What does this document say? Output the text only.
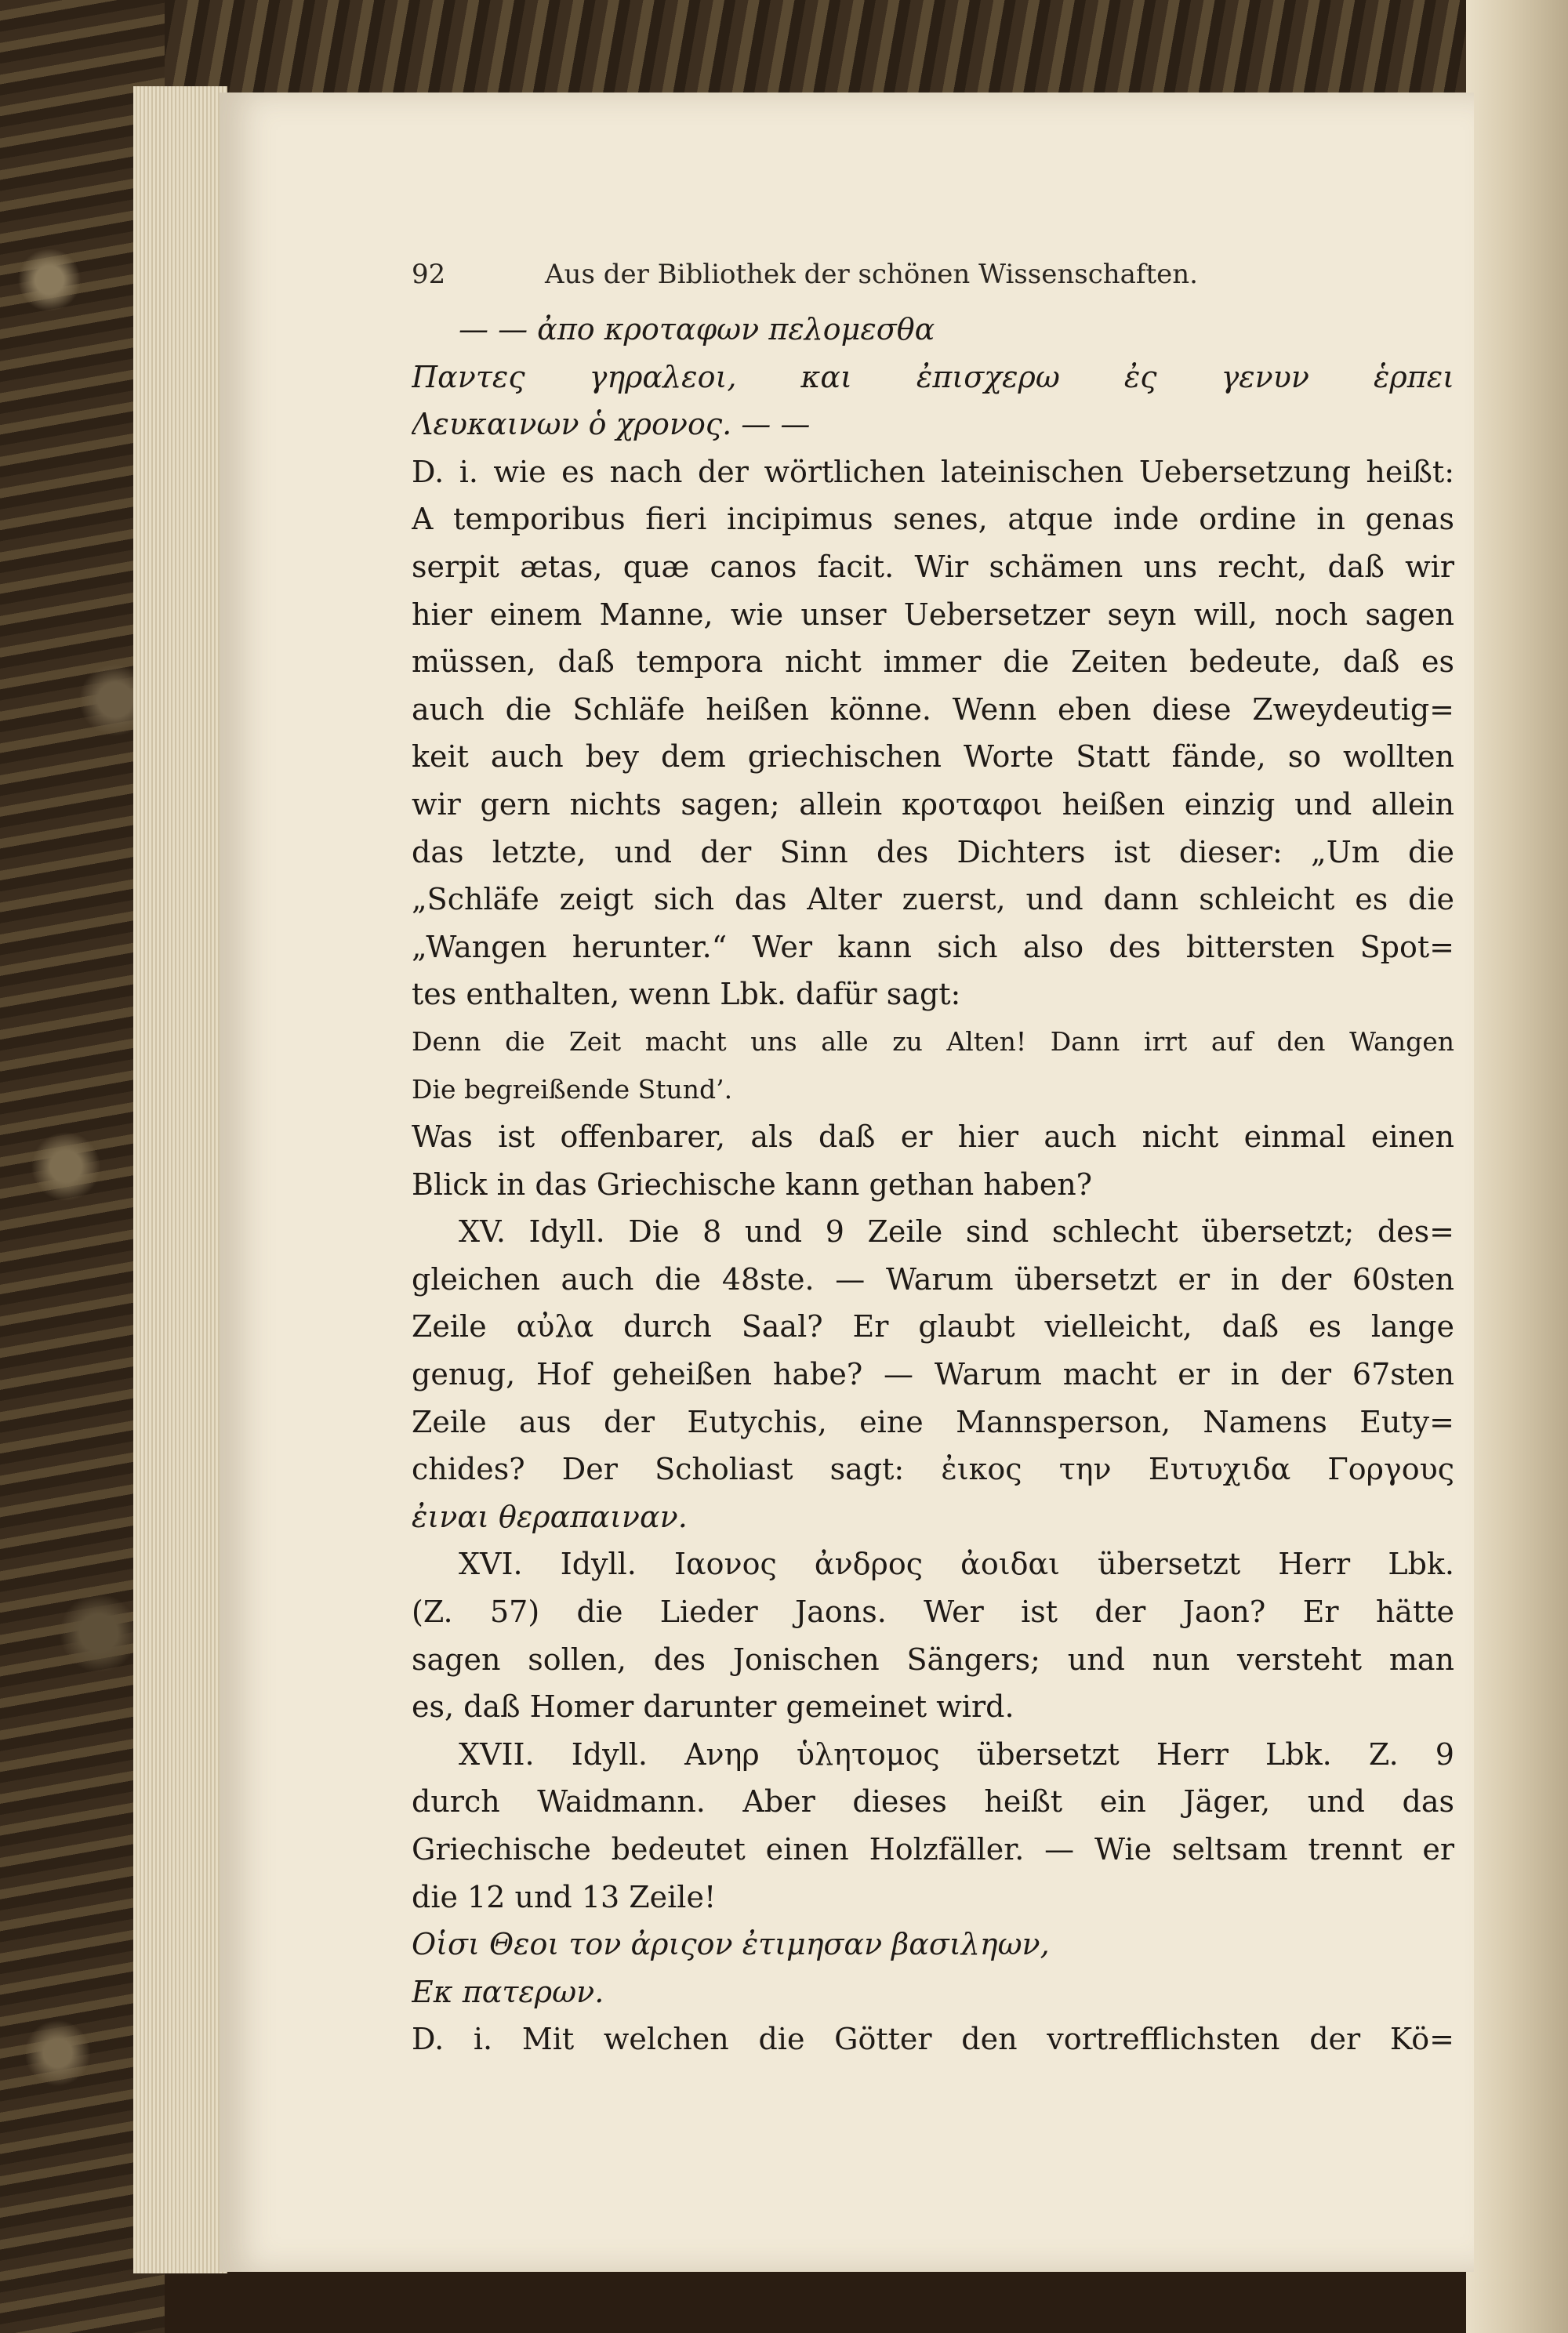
92	Aus der Bibliothek der schönen Wissenschaften.
— — ἀπο κροταφων πελομεσθα
Παντες γηραλεοι, και ἐπισχερω ἐς γενυν ἑρπει
Λευκαινων ὁ χρονος. — —
D. i. wie es nach der wörtlichen lateinischen Uebersetzung heißt:
A temporibus fieri incipimus senes, atque inde ordine in genas
serpit ætas, quæ canos facit. Wir schämen uns recht, daß wir
hier einem Manne, wie unser Uebersetzer seyn will, noch sagen
müssen, daß tempora nicht immer die Zeiten bedeute, daß es
auch die Schläfe heißen könne. Wenn eben diese Zweydeutig=
keit auch bey dem griechischen Worte Statt fände, so wollten
wir gern nichts sagen; allein κροταφοι heißen einzig und allein
das letzte, und der Sinn des Dichters ist dieser: „Um die
„Schläfe zeigt sich das Alter zuerst, und dann schleicht es die
„Wangen herunter.“ Wer kann sich also des bittersten Spot=
tes enthalten, wenn Lbk. dafür sagt:
Denn die Zeit macht uns alle zu Alten! Dann irrt auf den Wangen
Die begreißende Stund’.
Was ist offenbarer, als daß er hier auch nicht einmal einen
Blick in das Griechische kann gethan haben?
XV. Idyll. Die 8 und 9 Zeile sind schlecht übersetzt; des=
gleichen auch die 48ste. — Warum übersetzt er in der 60sten
Zeile αὐλα durch Saal? Er glaubt vielleicht, daß es lange
genug, Hof geheißen habe? — Warum macht er in der 67sten
Zeile aus der Eutychis, eine Mannsperson, Namens Euty=
chides? Der Scholiast sagt: ἐικος την Ευτυχιδα Γοργους
ἐιναι θεραπαιναν.
XVI. Idyll. Ιαονος ἀνδρος ἀοιδαι übersetzt Herr Lbk.
(Z. 57) die Lieder Jaons. Wer ist der Jaon? Er hätte
sagen sollen, des Jonischen Sängers; und nun versteht man
es, daß Homer darunter gemeinet wird.
XVII. Idyll. Ανηρ ὑλητομος übersetzt Herr Lbk. Z. 9
durch Waidmann. Aber dieses heißt ein Jäger, und das
Griechische bedeutet einen Holzfäller. — Wie seltsam trennt er
die 12 und 13 Zeile!
Οἱσι Θεοι τον ἀριςον ἐτιμησαν βασιληων,
Εκ πατερων.
D. i. Mit welchen die Götter den vortrefflichsten der Kö=
